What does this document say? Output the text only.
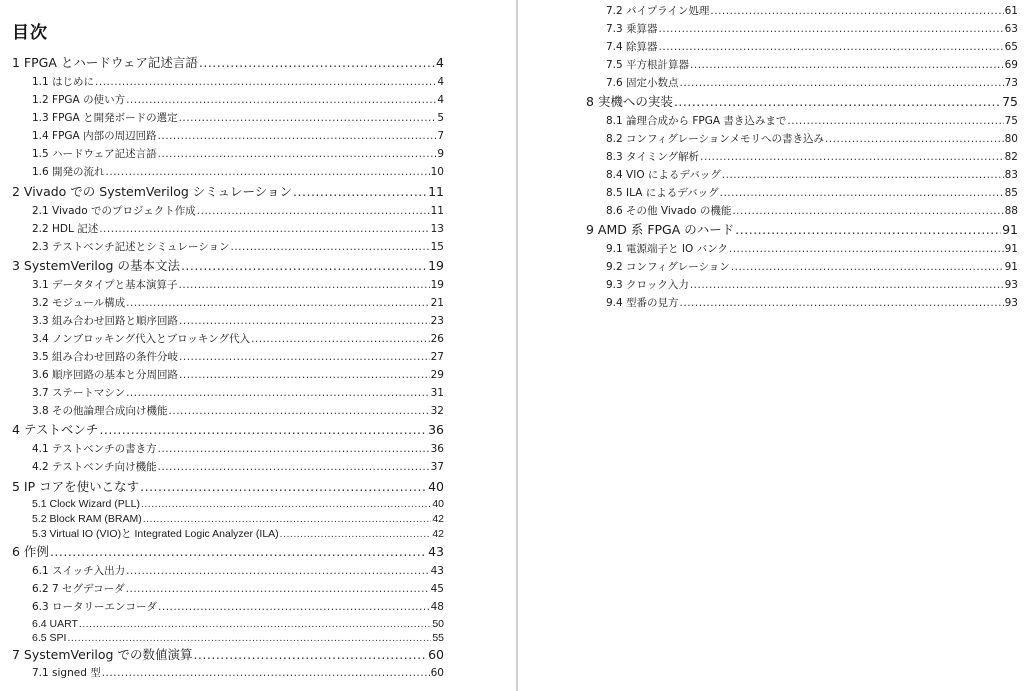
目次
1 FPGA とハードウェア記述言語 .....	4
1.1 はじめに .....	4
1.2 FPGA の使い方 .....	4
1.3 FPGA と開発ボードの選定 .....	5
1.4 FPGA 内部の周辺回路 .....	7
1.5 ハードウェア記述言語 .....	9
1.6 開発の流れ .....	10
2 Vivado での SystemVerilog シミュレーション .....	11
2.1 Vivado でのプロジェクト作成 .....	11
2.2 HDL 記述 .....	13
2.3 テストベンチ記述とシミュレーション .....	15
3 SystemVerilog の基本文法 .....	19
3.1 データタイプと基本演算子 .....	19
3.2 モジュール構成 .....	21
3.3 組み合わせ回路と順序回路 .....	23
3.4 ノンブロッキング代入とブロッキング代入 .....	26
3.5 組み合わせ回路の条件分岐 .....	27
3.6 順序回路の基本と分周回路 .....	29
3.7 ステートマシン .....	31
3.8 その他論理合成向け機能 .....	32
4 テストベンチ .....	36
4.1 テストベンチの書き方 .....	36
4.2 テストベンチ向け機能 .....	37
5 IP コアを使いこなす .....	40
5.1 Clock Wizard (PLL) .....	40
5.2 Block RAM (BRAM) .....	42
5.3 Virtual IO (VIO)と Integrated Logic Analyzer (ILA) .....	42
6 作例 .....	43
6.1 スイッチ入出力 .....	43
6.2 7 セグデコーダ .....	45
6.3 ロータリーエンコーダ .....	48
6.4 UART .....	50
6.5 SPI .....	55
7 SystemVerilog での数値演算 .....	60
7.1 signed 型 .....	60
7.2 パイプライン処理 .....	61
7.3 乗算器 .....	63
7.4 除算器 .....	65
7.5 平方根計算器 .....	69
7.6 固定小数点 .....	73
8 実機への実装 .....	75
8.1 論理合成から FPGA 書き込みまで .....	75
8.2 コンフィグレーションメモリへの書き込み .....	80
8.3 タイミング解析 .....	82
8.4 VIO によるデバッグ .....	83
8.5 ILA によるデバッグ .....	85
8.6 その他 Vivado の機能 .....	88
9 AMD 系 FPGA のハード .....	91
9.1 電源端子と IO バンク .....	91
9.2 コンフィグレーション .....	91
9.3 クロック入力 .....	93
9.4 型番の見方 .....	93
